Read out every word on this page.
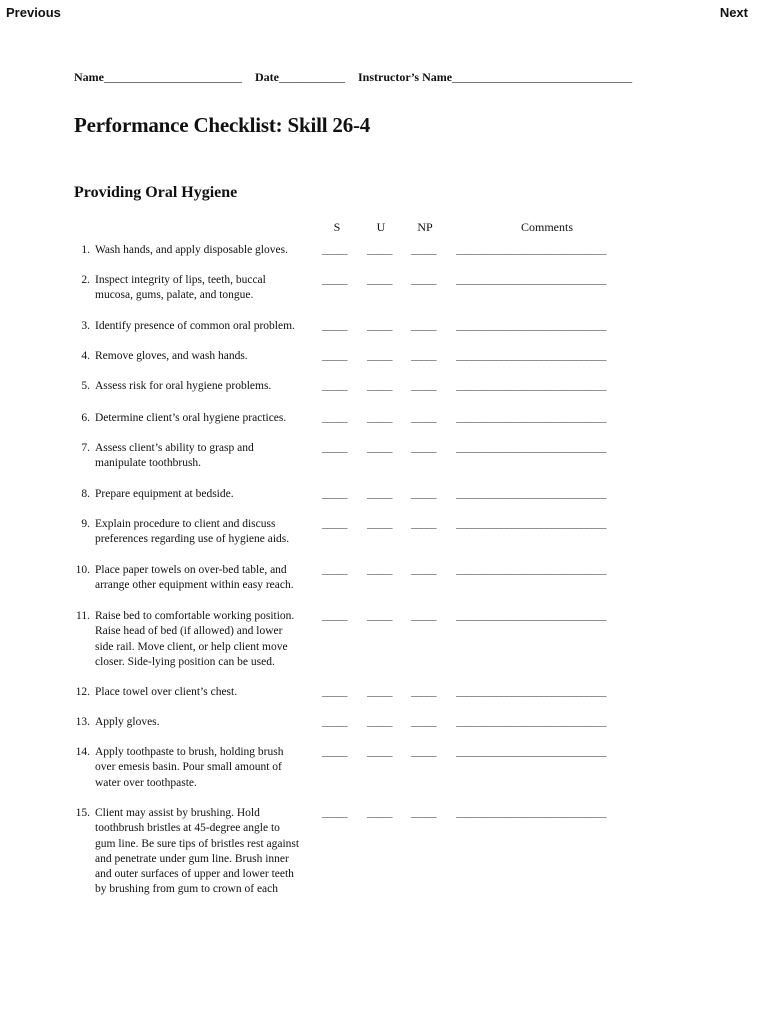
Previous	Next
Name_______________________ Date___________ Instructor’s Name______________________________
Performance Checklist: Skill 26-4
Providing Oral Hygiene
S	U	NP	Comments
1. Wash hands, and apply disposable gloves.	_____ _____ _____ ______________________________
2. Inspect integrity of lips, teeth, buccal
mucosa, gums, palate, and tongue.
_____ _____ _____ ______________________________
3. Identify presence of common oral problem.	_____ _____ _____ ______________________________
4. Remove gloves, and wash hands.	_____ _____ _____ ______________________________
5. Assess risk for oral hygiene problems.	_____ _____ _____ ______________________________
6. Determine client’s oral hygiene practices.	_____ _____ _____ ______________________________
7. Assess client’s ability to grasp and
manipulate toothbrush.
_____ _____ _____ ______________________________
8. Prepare equipment at bedside.	_____ _____ _____ ______________________________
9. Explain procedure to client and discuss
preferences regarding use of hygiene aids.
_____ _____ _____ ______________________________
10. Place paper towels on over-bed table, and
arrange other equipment within easy reach.
_____ _____ _____ ______________________________
11. Raise bed to comfortable working position.
Raise head of bed (if allowed) and lower
side rail. Move client, or help client move
closer. Side-lying position can be used.
_____ _____ _____ ______________________________
12. Place towel over client’s chest.	_____ _____ _____ ______________________________
13. Apply gloves.	_____ _____ _____ ______________________________
14. Apply toothpaste to brush, holding brush
over emesis basin. Pour small amount of
water over toothpaste.
_____ _____ _____ ______________________________
15. Client may assist by brushing. Hold
toothbrush bristles at 45-degree angle to
gum line. Be sure tips of bristles rest against
and penetrate under gum line. Brush inner
and outer surfaces of upper and lower teeth
by brushing from gum to crown of each
_____ _____ _____ ______________________________
